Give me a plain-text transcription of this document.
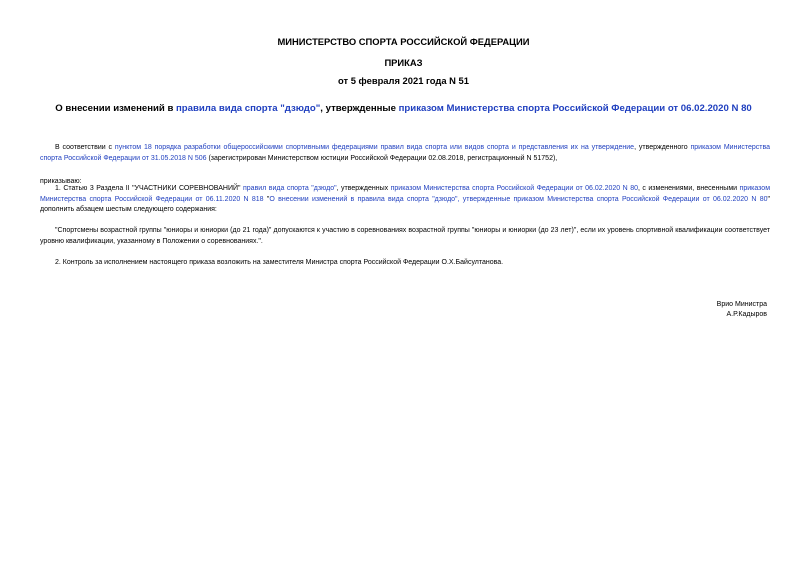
МИНИСТЕРСТВО СПОРТА РОССИЙСКОЙ ФЕДЕРАЦИИ
ПРИКАЗ
от 5 февраля 2021 года N 51
О внесении изменений в правила вида спорта "дзюдо", утвержденные приказом Министерства спорта Российской Федерации от 06.02.2020 N 80
В соответствии с пунктом 18 порядка разработки общероссийскими спортивными федерациями правил вида спорта или видов спорта и представления их на утверждение, утвержденного приказом Министерства спорта Российской Федерации от 31.05.2018 N 506 (зарегистрирован Министерством юстиции Российской Федерации 02.08.2018, регистрационный N 51752),
приказываю:
1. Статью 3 Раздела II "УЧАСТНИКИ СОРЕВНОВАНИЙ" правил вида спорта "дзюдо", утвержденных приказом Министерства спорта Российской Федерации от 06.02.2020 N 80, с изменениями, внесенными приказом Министерства спорта Российской Федерации от 06.11.2020 N 818 "О внесении изменений в правила вида спорта "дзюдо", утвержденные приказом Министерства спорта Российской Федерации от 06.02.2020 N 80" дополнить абзацем шестым следующего содержания:
"Спортсмены возрастной группы "юниоры и юниорки (до 21 года)" допускаются к участию в соревнованиях возрастной группы "юниоры и юниорки (до 23 лет)", если их уровень спортивной квалификации соответствует уровню квалификации, указанному в Положении о соревнованиях.".
2. Контроль за исполнением настоящего приказа возложить на заместителя Министра спорта Российской Федерации О.Х.Байсултанова.
Врио Министра
А.Р.Кадыров
